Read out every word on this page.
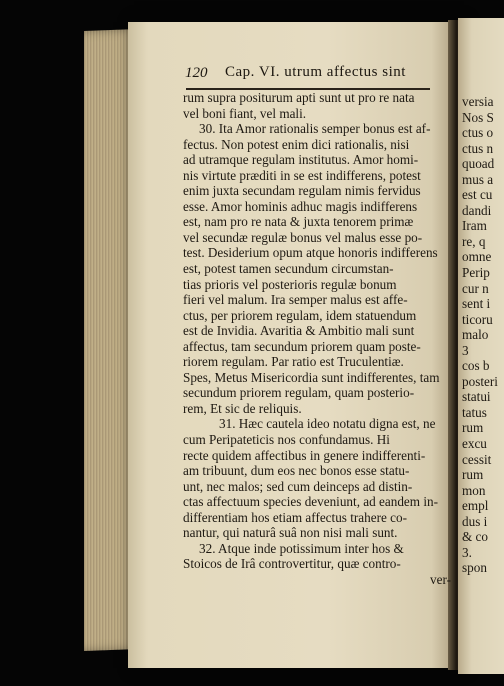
120 Cap. VI. utrum affectus sint
rum supra positurum apti sunt ut pro re nata
vel boni fiant, vel mali.
30. Ita Amor rationalis semper bonus est af-
fectus. Non potest enim dici rationalis, nisi
ad utramque regulam institutus. Amor homi-
nis virtute præditi in se est indifferens, potest
enim juxta secundam regulam nimis fervidus
esse. Amor hominis adhuc magis indifferens
est, nam pro re nata & juxta tenorem primæ
vel secundæ regulæ bonus vel malus esse po-
test. Desiderium opum atque honoris indifferens
est, potest tamen secundum circumstan-
tias prioris vel posterioris regulæ bonum
fieri vel malum. Ira semper malus est affe-
ctus, per priorem regulam, idem statuendum
est de Invidia. Avaritia & Ambitio mali sunt
affectus, tam secundum priorem quam poste-
riorem regulam. Par ratio est Truculentiæ.
Spes, Metus Misericordia sunt indifferentes, tam
secundum priorem regulam, quam posterio-
rem, Et sic de reliquis.
31. Hæc cautela ideo notatu digna est, ne
cum Peripateticis nos confundamus. Hi
recte quidem affectibus in genere indifferenti-
am tribuunt, dum eos nec bonos esse statu-
unt, nec malos; sed cum deinceps ad distin-
ctas affectuum species deveniunt, ad eandem in-
differentiam hos etiam affectus trahere co-
nantur, qui naturâ suâ non nisi mali sunt.
32. Atque inde potissimum inter hos &
Stoicos de Irâ controvertitur, quæ contro-
ver-
versia
Nos S
ctus o
ctus n
quoad
mus a
est cu
dandi
Iram
re, q
omne
Perip
cur n
sent i
ticoru
malo
3
cos b
posteri
statui
tatus
rum
excu
cessit
rum
mon
empl
dus i
& co
3.
spon
